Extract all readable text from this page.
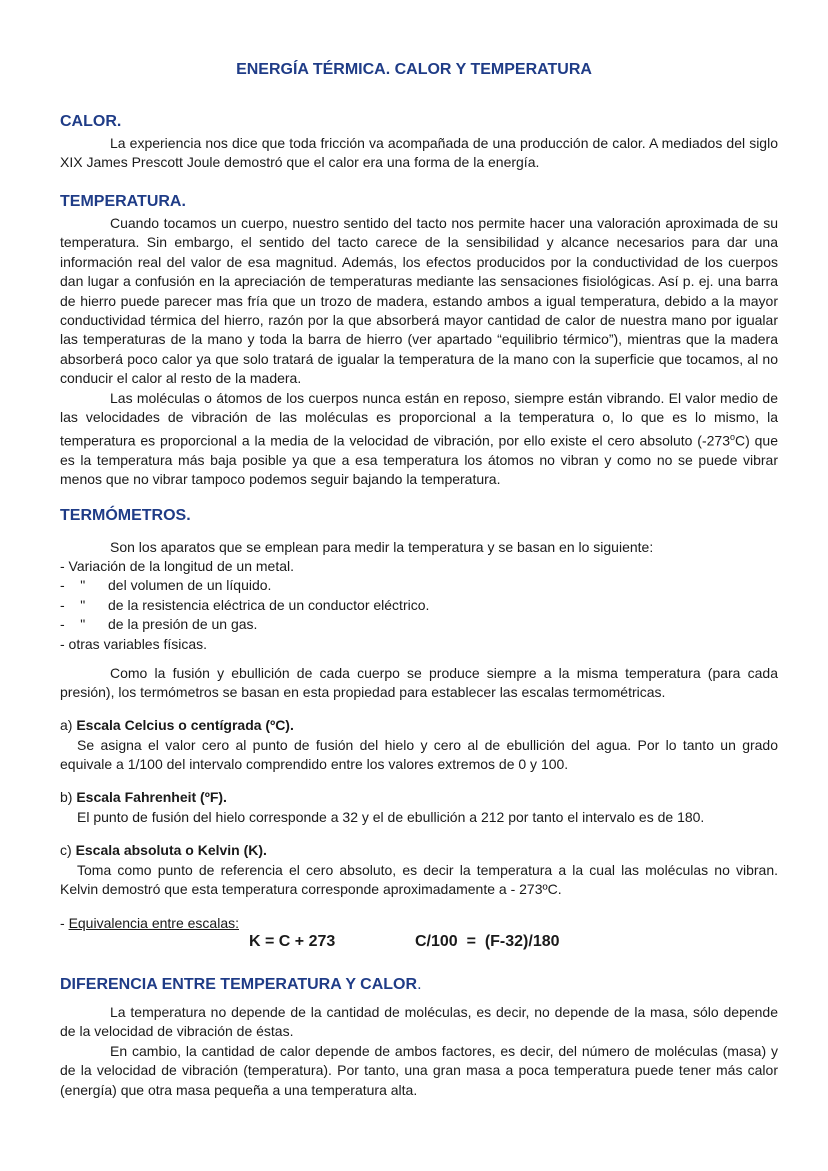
ENERGÍA TÉRMICA. CALOR Y TEMPERATURA
CALOR.

La experiencia nos dice que toda fricción va acompañada de una producción de calor. A mediados del siglo XIX James Prescott Joule demostró que el calor era una forma de la energía.

TEMPERATURA.

Cuando tocamos un cuerpo, nuestro sentido del tacto nos permite hacer una valoración aproximada de su temperatura. Sin embargo, el sentido del tacto carece de la sensibilidad y alcance necesarios para dar una información real del valor de esa magnitud. Además, los efectos producidos por la conductividad de los cuerpos dan lugar a confusión en la apreciación de temperaturas mediante las sensaciones fisiológicas. Así p. ej. una barra de hierro puede parecer mas fría que un trozo de madera, estando ambos a igual temperatura, debido a la mayor conductividad térmica del hierro, razón por la que absorberá mayor cantidad de calor de nuestra mano por igualar las temperaturas de la mano y toda la barra de hierro (ver apartado “equilibrio térmico”), mientras que la madera absorberá poco calor ya que solo tratará de igualar la temperatura de la mano con la superficie que tocamos, al no conducir el calor al resto de la madera.

Las moléculas o átomos de los cuerpos nunca están en reposo, siempre están vibrando. El valor medio de las velocidades de vibración de las moléculas es proporcional a la temperatura o, lo que es lo mismo, la temperatura es proporcional a la media de la velocidad de vibración, por ello existe el cero absoluto (-273$^o$C) que es la temperatura más baja posible ya que a esa temperatura los átomos no vibran y como no se puede vibrar menos que no vibrar tampoco podemos seguir bajando la temperatura.

TERMÓMETROS.

Son los aparatos que se emplean para medir la temperatura y se basan en lo siguiente:

- Variación de la longitud de un metal.
-    " del volumen de un líquido.
-    " de la resistencia eléctrica de un conductor eléctrico.
-    " de la presión de un gas.
- otras variables físicas.

Como la fusión y ebullición de cada cuerpo se produce siempre a la misma temperatura (para cada presión), los termómetros se basan en esta propiedad para establecer las escalas termométricas.

a) Escala Celcius o centígrada (ºC).

Se asigna el valor cero al punto de fusión del hielo y cero al de ebullición del agua. Por lo tanto un grado equivale a 1/100 del intervalo comprendido entre los valores extremos de 0 y 100.

b) Escala Fahrenheit (ºF).

El punto de fusión del hielo corresponde a 32 y el de ebullición a 212 por tanto el intervalo es de 180.

c) Escala absoluta o Kelvin (K).

Toma como punto de referencia el cero absoluto, es decir la temperatura a la cual las moléculas no vibran. Kelvin demostró que esta temperatura corresponde aproximadamente a - 273ºC.

- Equivalencia entre escalas:
K = C + 273	C/100  =  (F-32)/180
DIFERENCIA ENTRE TEMPERATURA Y CALOR.

La temperatura no depende de la cantidad de moléculas, es decir, no depende de la masa, sólo depende de la velocidad de vibración de éstas.

En cambio, la cantidad de calor depende de ambos factores, es decir, del número de moléculas (masa) y de la velocidad de vibración (temperatura). Por tanto, una gran masa a poca temperatura puede tener más calor (energía) que otra masa pequeña a una temperatura alta.
